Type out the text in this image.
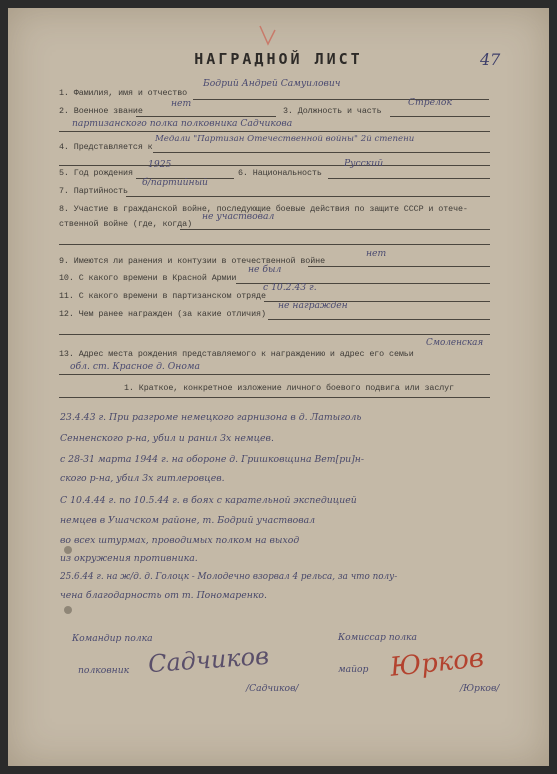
47
НАГРАДНОЙ ЛИСТ
1. Фамилия, имя и отчество
Бодрий Андрей Самуилович
2. Военное звание
нет
3. Должность и часть
Стрелок
партизанского полка полковника Садчикова
4. Представляется к
Медали "Партизан Отечественной войны" 2й степени
5. Год рождения
1925
6. Национальность
Русский
7. Партийность
б/партийный
8. Участие в гражданской войне, последующие боевые действия по защите СССР и отече-
ственной войне (где, когда)
не участвовал
9. Имеются ли ранения и контузии в отечественной войне
нет
10. С какого времени в Красной Армии
не был
11. С какого времени в партизанском отряде
с 10.2.43 г.
12. Чем ранее награжден (за какие отличия)
не награжден
13. Адрес места рождения представляемого к награждению и адрес его семьи
Смоленская
обл. ст. Красное д. Онома
1. Краткое, конкретное изложение личного боевого подвига или заслуг
23.4.43 г. При разгроме немецкого гарнизона в д. Латыголь
Сенненского р-на, убил и ранил 3х немцев.
с 28-31 марта 1944 г. на обороне д. Гришковщина Вет[ри]н-
ского р-на, убил 3х гитлеровцев.
С 10.4.44 г. по 10.5.44 г. в боях с карательной экспедицией
немцев в Ушачском районе, т. Бодрий участвовал
во всех штурмах, проводимых полком на выход
из окружения противника.
25.6.44 г. на ж/д. д. Голоцк - Молодечно взорвал 4 рельса, за что полу-
чена благодарность от т. Пономаренко.
Командир полка
полковник Садчиков
/Садчиков/
Комиссар полка
майор Юрков
/Юрков/
